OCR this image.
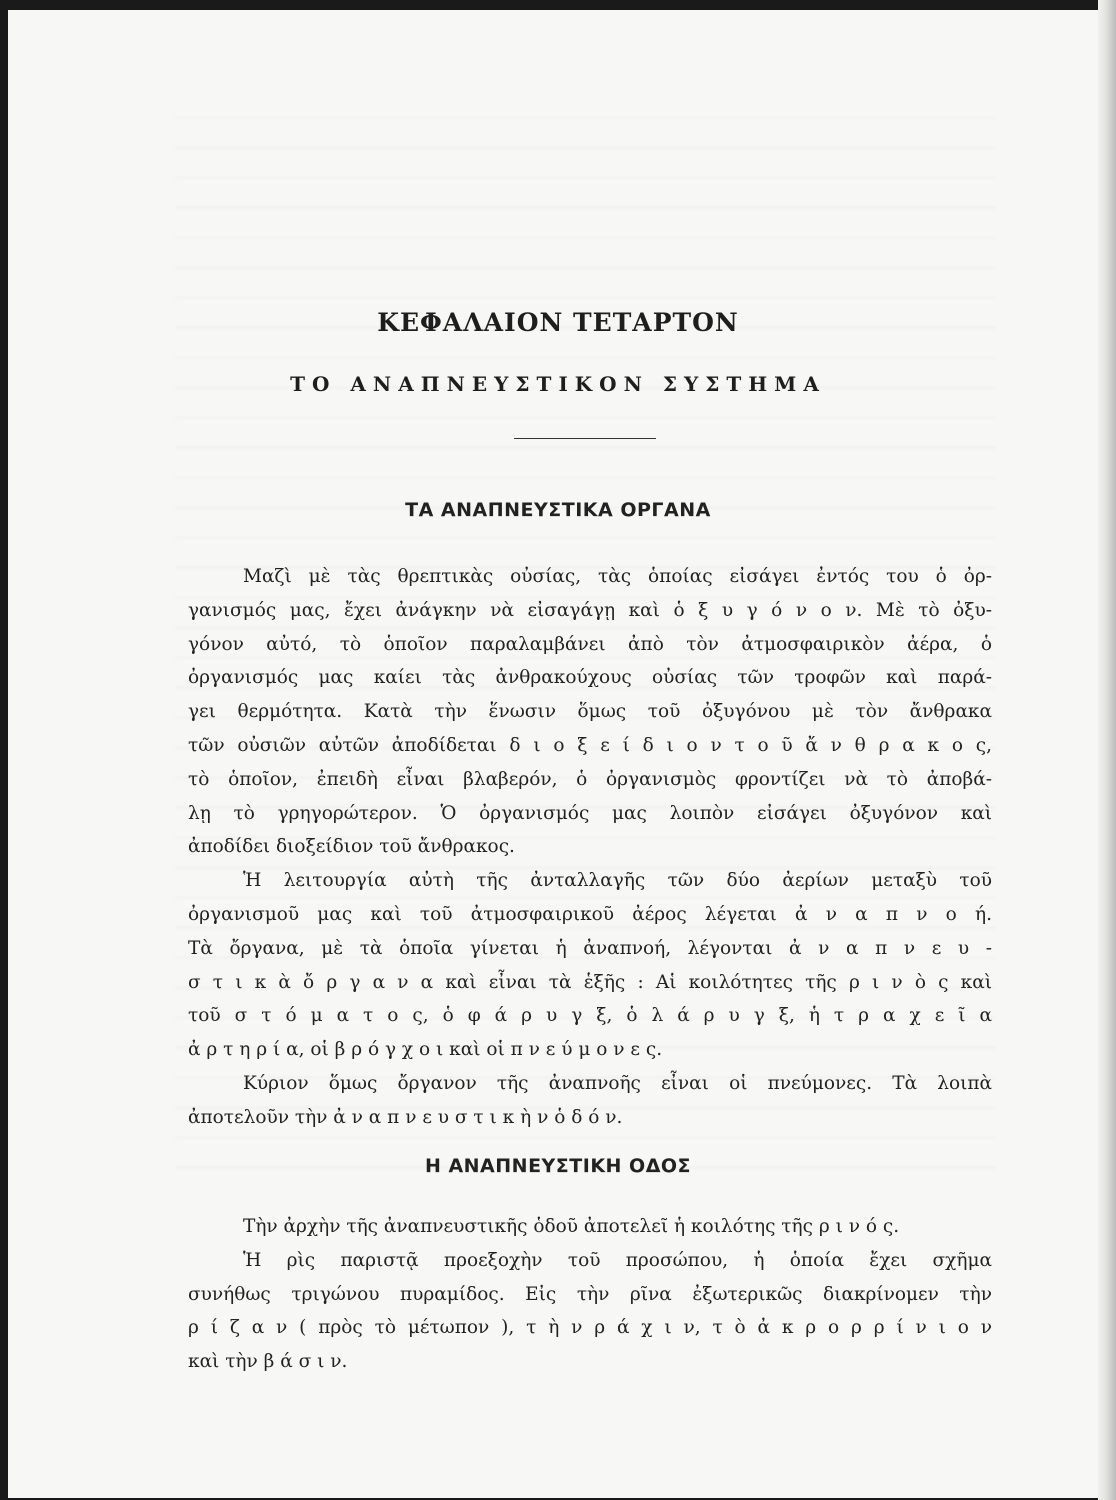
ΚΕΦΑΛΑΙΟΝ ΤΕΤΑΡΤΟΝ
ΤΟ ΑΝΑΠΝΕΥΣΤΙΚΟΝ ΣΥΣΤΗΜΑ
ΤΑ ΑΝΑΠΝΕΥΣΤΙΚΑ ΟΡΓΑΝΑ
Μαζὶ μὲ τὰς θρεπτικὰς οὐσίας, τὰς ὁποίας εἰσάγει ἐντός του ὁ ὀρ-
γανισμός μας, ἔχει ἀνάγκην νὰ εἰσαγάγῃ καὶ ὁ ξ υ γ ό ν ο ν. Μὲ τὸ ὀξυ-
γόνον αὐτό, τὸ ὁποῖον παραλαμβάνει ἀπὸ τὸν ἀτμοσφαιρικὸν ἀέρα, ὁ
ὀργανισμός μας καίει τὰς ἀνθρακούχους οὐσίας τῶν τροφῶν καὶ παρά-
γει θερμότητα. Κατὰ τὴν ἕνωσιν ὅμως τοῦ ὀξυγόνου μὲ τὸν ἄνθρακα
τῶν οὐσιῶν αὐτῶν ἀποδίδεται δ ι ο ξ ε ί δ ι ο ν τ ο ῦ ἄ ν θ ρ α κ ο ς,
τὸ ὁποῖον, ἐπειδὴ εἶναι βλαβερόν, ὁ ὀργανισμὸς φροντίζει νὰ τὸ ἀποβά-
λῃ τὸ γρηγορώτερον. Ὁ ὀργανισμός μας λοιπὸν εἰσάγει ὀξυγόνον καὶ
ἀποδίδει διοξείδιον τοῦ ἄνθρακος.
Ἡ λειτουργία αὐτὴ τῆς ἀνταλλαγῆς τῶν δύο ἀερίων μεταξὺ τοῦ
ὀργανισμοῦ μας καὶ τοῦ ἀτμοσφαιρικοῦ ἀέρος λέγεται ἀ ν α π ν ο ή.
Τὰ ὄργανα, μὲ τὰ ὁποῖα γίνεται ἡ ἀναπνοή, λέγονται ἀ ν α π ν ε υ -
σ τ ι κ ὰ ὄ ρ γ α ν α καὶ εἶναι τὰ ἑξῆς : Αἱ κοιλότητες τῆς ρ ι ν ὸ ς καὶ
τοῦ σ τ ό μ α τ ο ς, ὁ φ ά ρ υ γ ξ, ὁ λ ά ρ υ γ ξ, ἡ τ ρ α χ ε ῖ α
ἀ ρ τ η ρ ί α, οἱ β ρ ό γ χ ο ι καὶ οἱ π ν ε ύ μ ο ν ε ς.
Κύριον ὅμως ὄργανον τῆς ἀναπνοῆς εἶναι οἱ πνεύμονες. Τὰ λοιπὰ
ἀποτελοῦν τὴν ἀ ν α π ν ε υ σ τ ι κ ὴ ν ὁ δ ό ν.
Η ΑΝΑΠΝΕΥΣΤΙΚΗ ΟΔΟΣ
Τὴν ἀρχὴν τῆς ἀναπνευστικῆς ὁδοῦ ἀποτελεῖ ἡ κοιλότης τῆς ρ ι ν ό ς.
Ἡ ρὶς παριστᾷ προεξοχὴν τοῦ προσώπου, ἡ ὁποία ἔχει σχῆμα
συνήθως τριγώνου πυραμίδος. Εἰς τὴν ρῖνα ἐξωτερικῶς διακρίνομεν τὴν
ρ ί ζ α ν ( πρὸς τὸ μέτωπον ), τ ὴ ν ρ ά χ ι ν, τ ὸ ἀ κ ρ ο ρ ρ ί ν ι ο ν
καὶ τὴν β ά σ ι ν.
